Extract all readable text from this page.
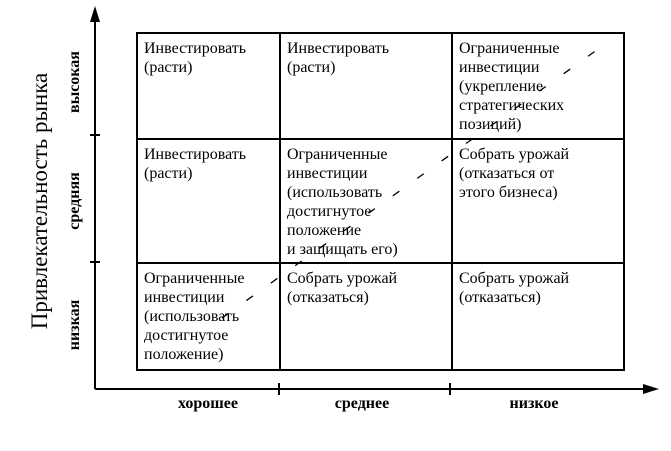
Привлекательность рынка высокая
средняя
низкая
хорошее	среднее	низкое
Инвестировать
(расти)
Инвестировать
(расти)
Ограниченные
инвестиции
(укрепление
стратегических
позиций)
Инвестировать
(расти)
Ограниченные
инвестиции
(использовать
достигнутое
положение
и защищать его)
Собрать урожай
(отказаться от
этого бизнеса)
Ограниченные
инвестиции
(использовать
достигнутое
положение)
Собрать урожай
(отказаться)
Собрать урожай
(отказаться)
